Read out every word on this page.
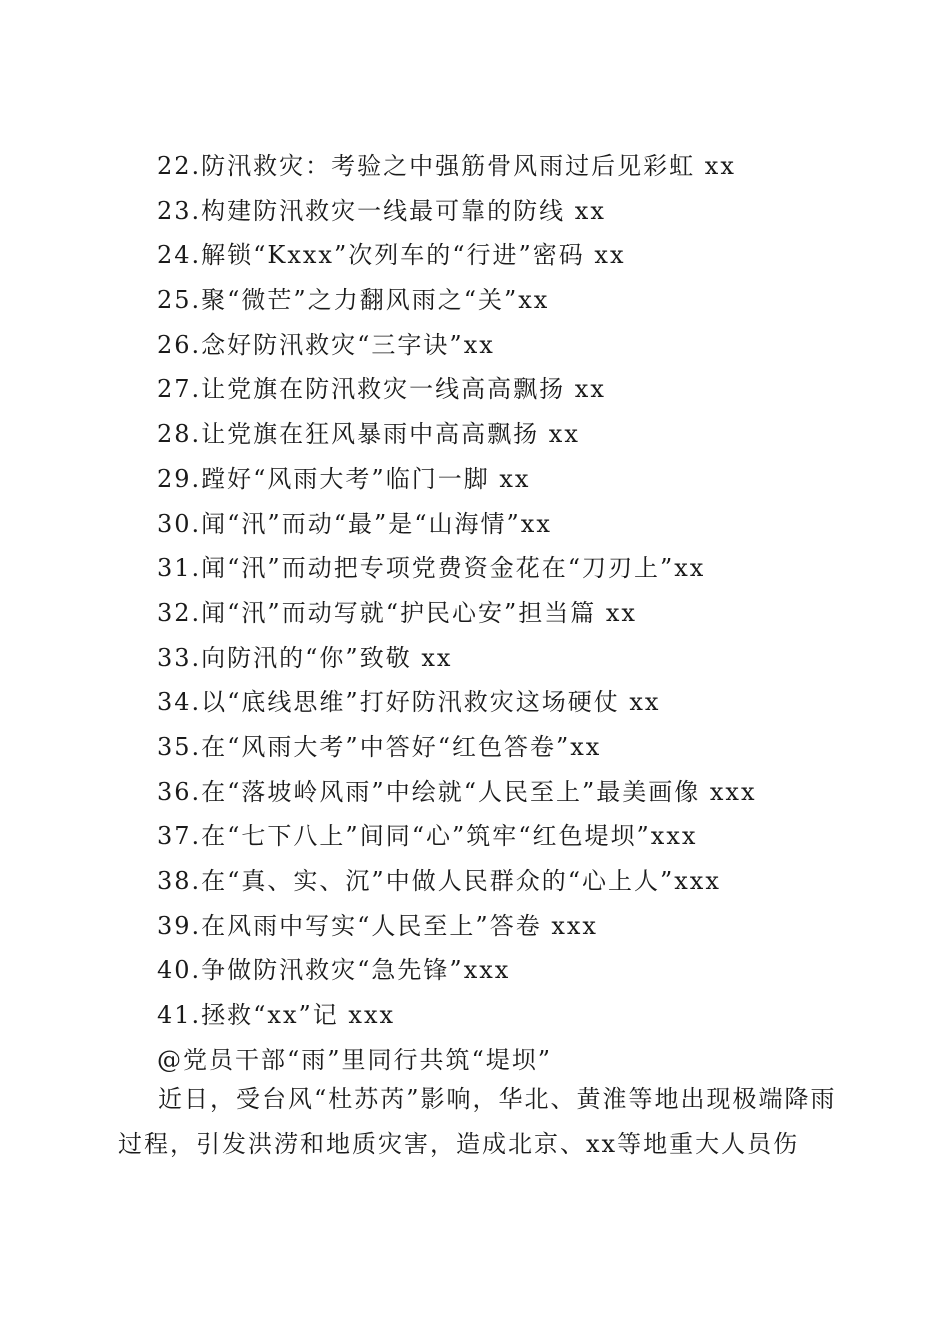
22.防汛救灾：考验之中强筋骨风雨过后见彩虹 xx
23.构建防汛救灾一线最可靠的防线 xx
24.解锁“Kxxx”次列车的“行进”密码 xx
25.聚“微芒”之力翻风雨之“关”xx
26.念好防汛救灾“三字诀”xx
27.让党旗在防汛救灾一线高高飘扬 xx
28.让党旗在狂风暴雨中高高飘扬 xx
29.蹚好“风雨大考”临门一脚 xx
30.闻“汛”而动“最”是“山海情”xx
31.闻“汛”而动把专项党费资金花在“刀刃上”xx
32.闻“汛”而动写就“护民心安”担当篇 xx
33.向防汛的“你”致敬 xx
34.以“底线思维”打好防汛救灾这场硬仗 xx
35.在“风雨大考”中答好“红色答卷”xx
36.在“落坡岭风雨”中绘就“人民至上”最美画像 xxx
37.在“七下八上”间同“心”筑牢“红色堤坝”xxx
38.在“真、实、沉”中做人民群众的“心上人”xxx
39.在风雨中写实“人民至上”答卷 xxx
40.争做防汛救灾“急先锋”xxx
41.拯救“xx”记 xxx
@党员干部“雨”里同行共筑“堤坝”

近日，受台风“杜苏芮”影响，华北、黄淮等地出现极端降雨过程，引发洪涝和地质灾害，造成北京、xx等地重大人员伤
